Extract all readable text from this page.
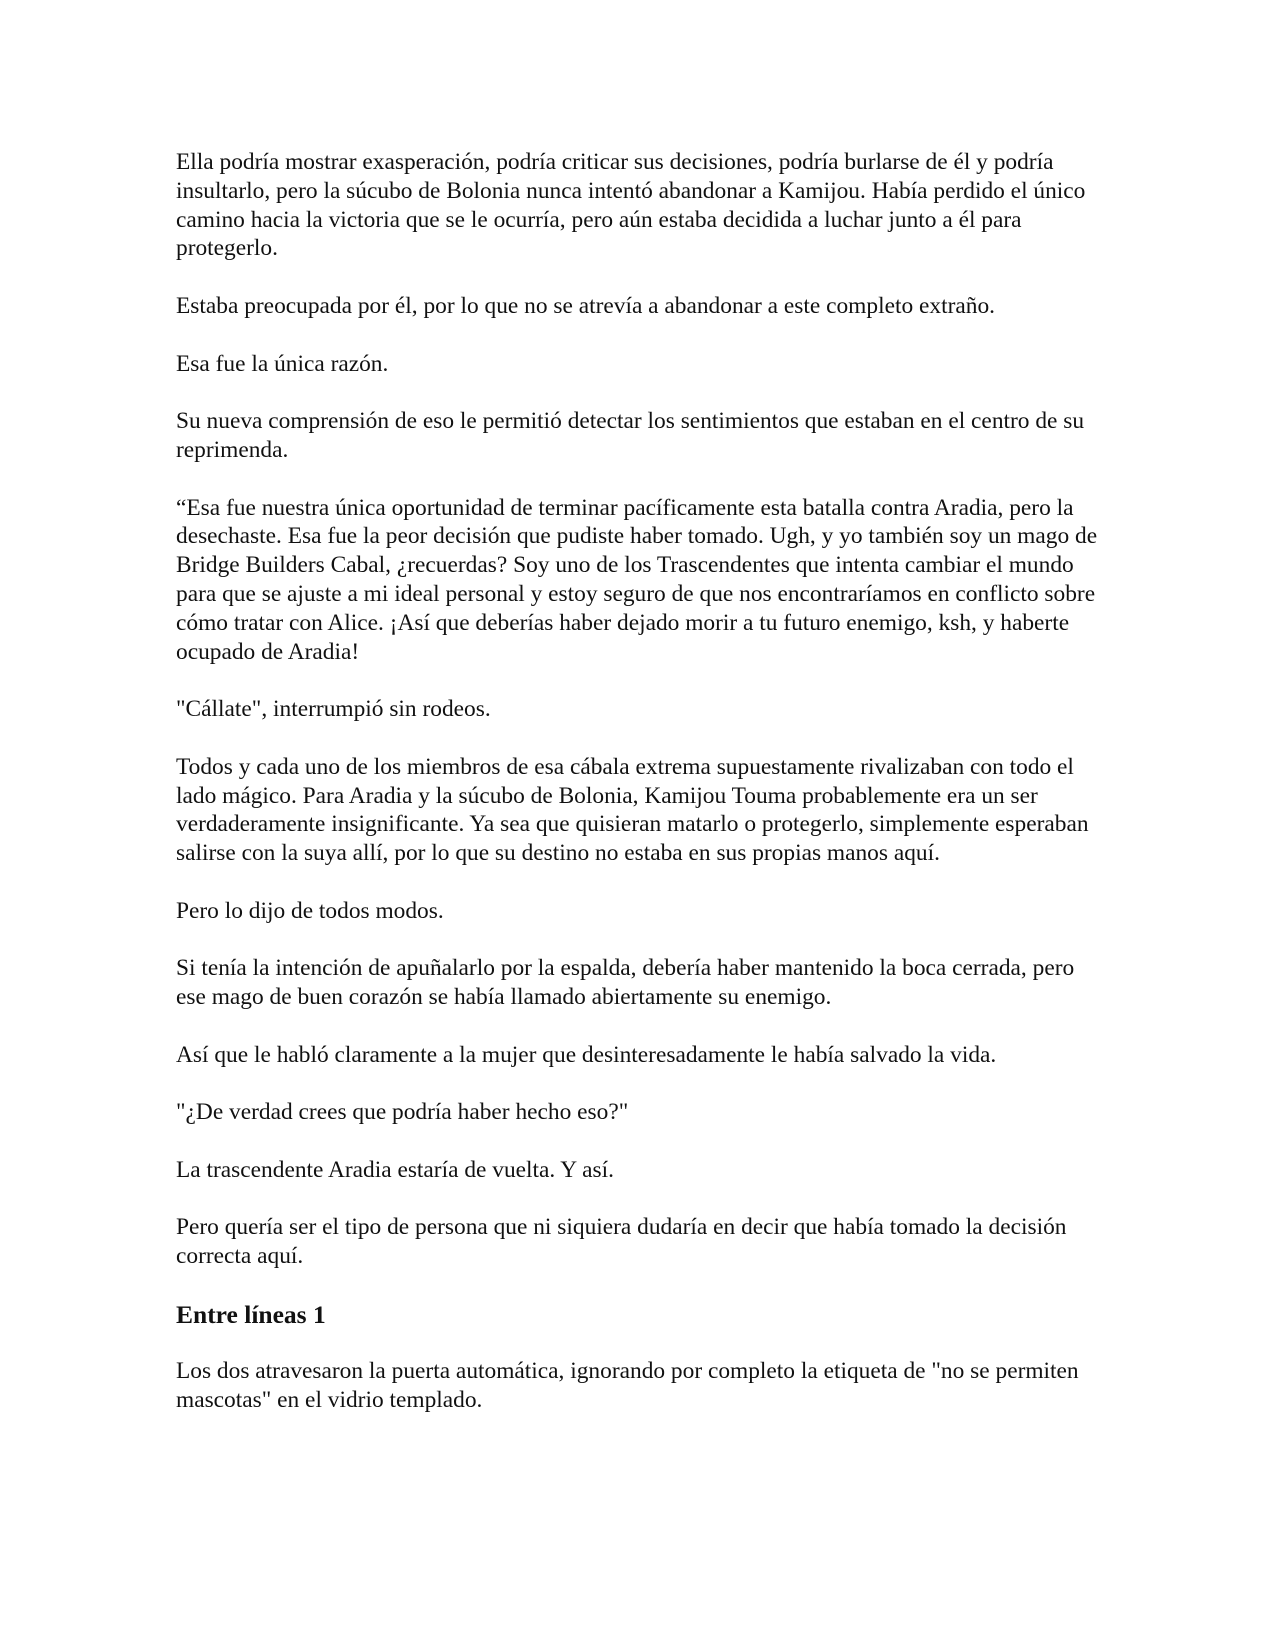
Ella podría mostrar exasperación, podría criticar sus decisiones, podría burlarse de él y podría insultarlo, pero la súcubo de Bolonia nunca intentó abandonar a Kamijou. Había perdido el único camino hacia la victoria que se le ocurría, pero aún estaba decidida a luchar junto a él para protegerlo.

Estaba preocupada por él, por lo que no se atrevía a abandonar a este completo extraño.

Esa fue la única razón.

Su nueva comprensión de eso le permitió detectar los sentimientos que estaban en el centro de su reprimenda.

“Esa fue nuestra única oportunidad de terminar pacíficamente esta batalla contra Aradia, pero la desechaste. Esa fue la peor decisión que pudiste haber tomado. Ugh, y yo también soy un mago de Bridge Builders Cabal, ¿recuerdas? Soy uno de los Trascendentes que intenta cambiar el mundo para que se ajuste a mi ideal personal y estoy seguro de que nos encontraríamos en conflicto sobre cómo tratar con Alice. ¡Así que deberías haber dejado morir a tu futuro enemigo, ksh, y haberte ocupado de Aradia!

"Cállate", interrumpió sin rodeos.

Todos y cada uno de los miembros de esa cábala extrema supuestamente rivalizaban con todo el lado mágico. Para Aradia y la súcubo de Bolonia, Kamijou Touma probablemente era un ser verdaderamente insignificante. Ya sea que quisieran matarlo o protegerlo, simplemente esperaban salirse con la suya allí, por lo que su destino no estaba en sus propias manos aquí.

Pero lo dijo de todos modos.

Si tenía la intención de apuñalarlo por la espalda, debería haber mantenido la boca cerrada, pero ese mago de buen corazón se había llamado abiertamente su enemigo.

Así que le habló claramente a la mujer que desinteresadamente le había salvado la vida.

"¿De verdad crees que podría haber hecho eso?"

La trascendente Aradia estaría de vuelta. Y así.

Pero quería ser el tipo de persona que ni siquiera dudaría en decir que había tomado la decisión correcta aquí.

Entre líneas 1

Los dos atravesaron la puerta automática, ignorando por completo la etiqueta de "no se permiten mascotas" en el vidrio templado.
